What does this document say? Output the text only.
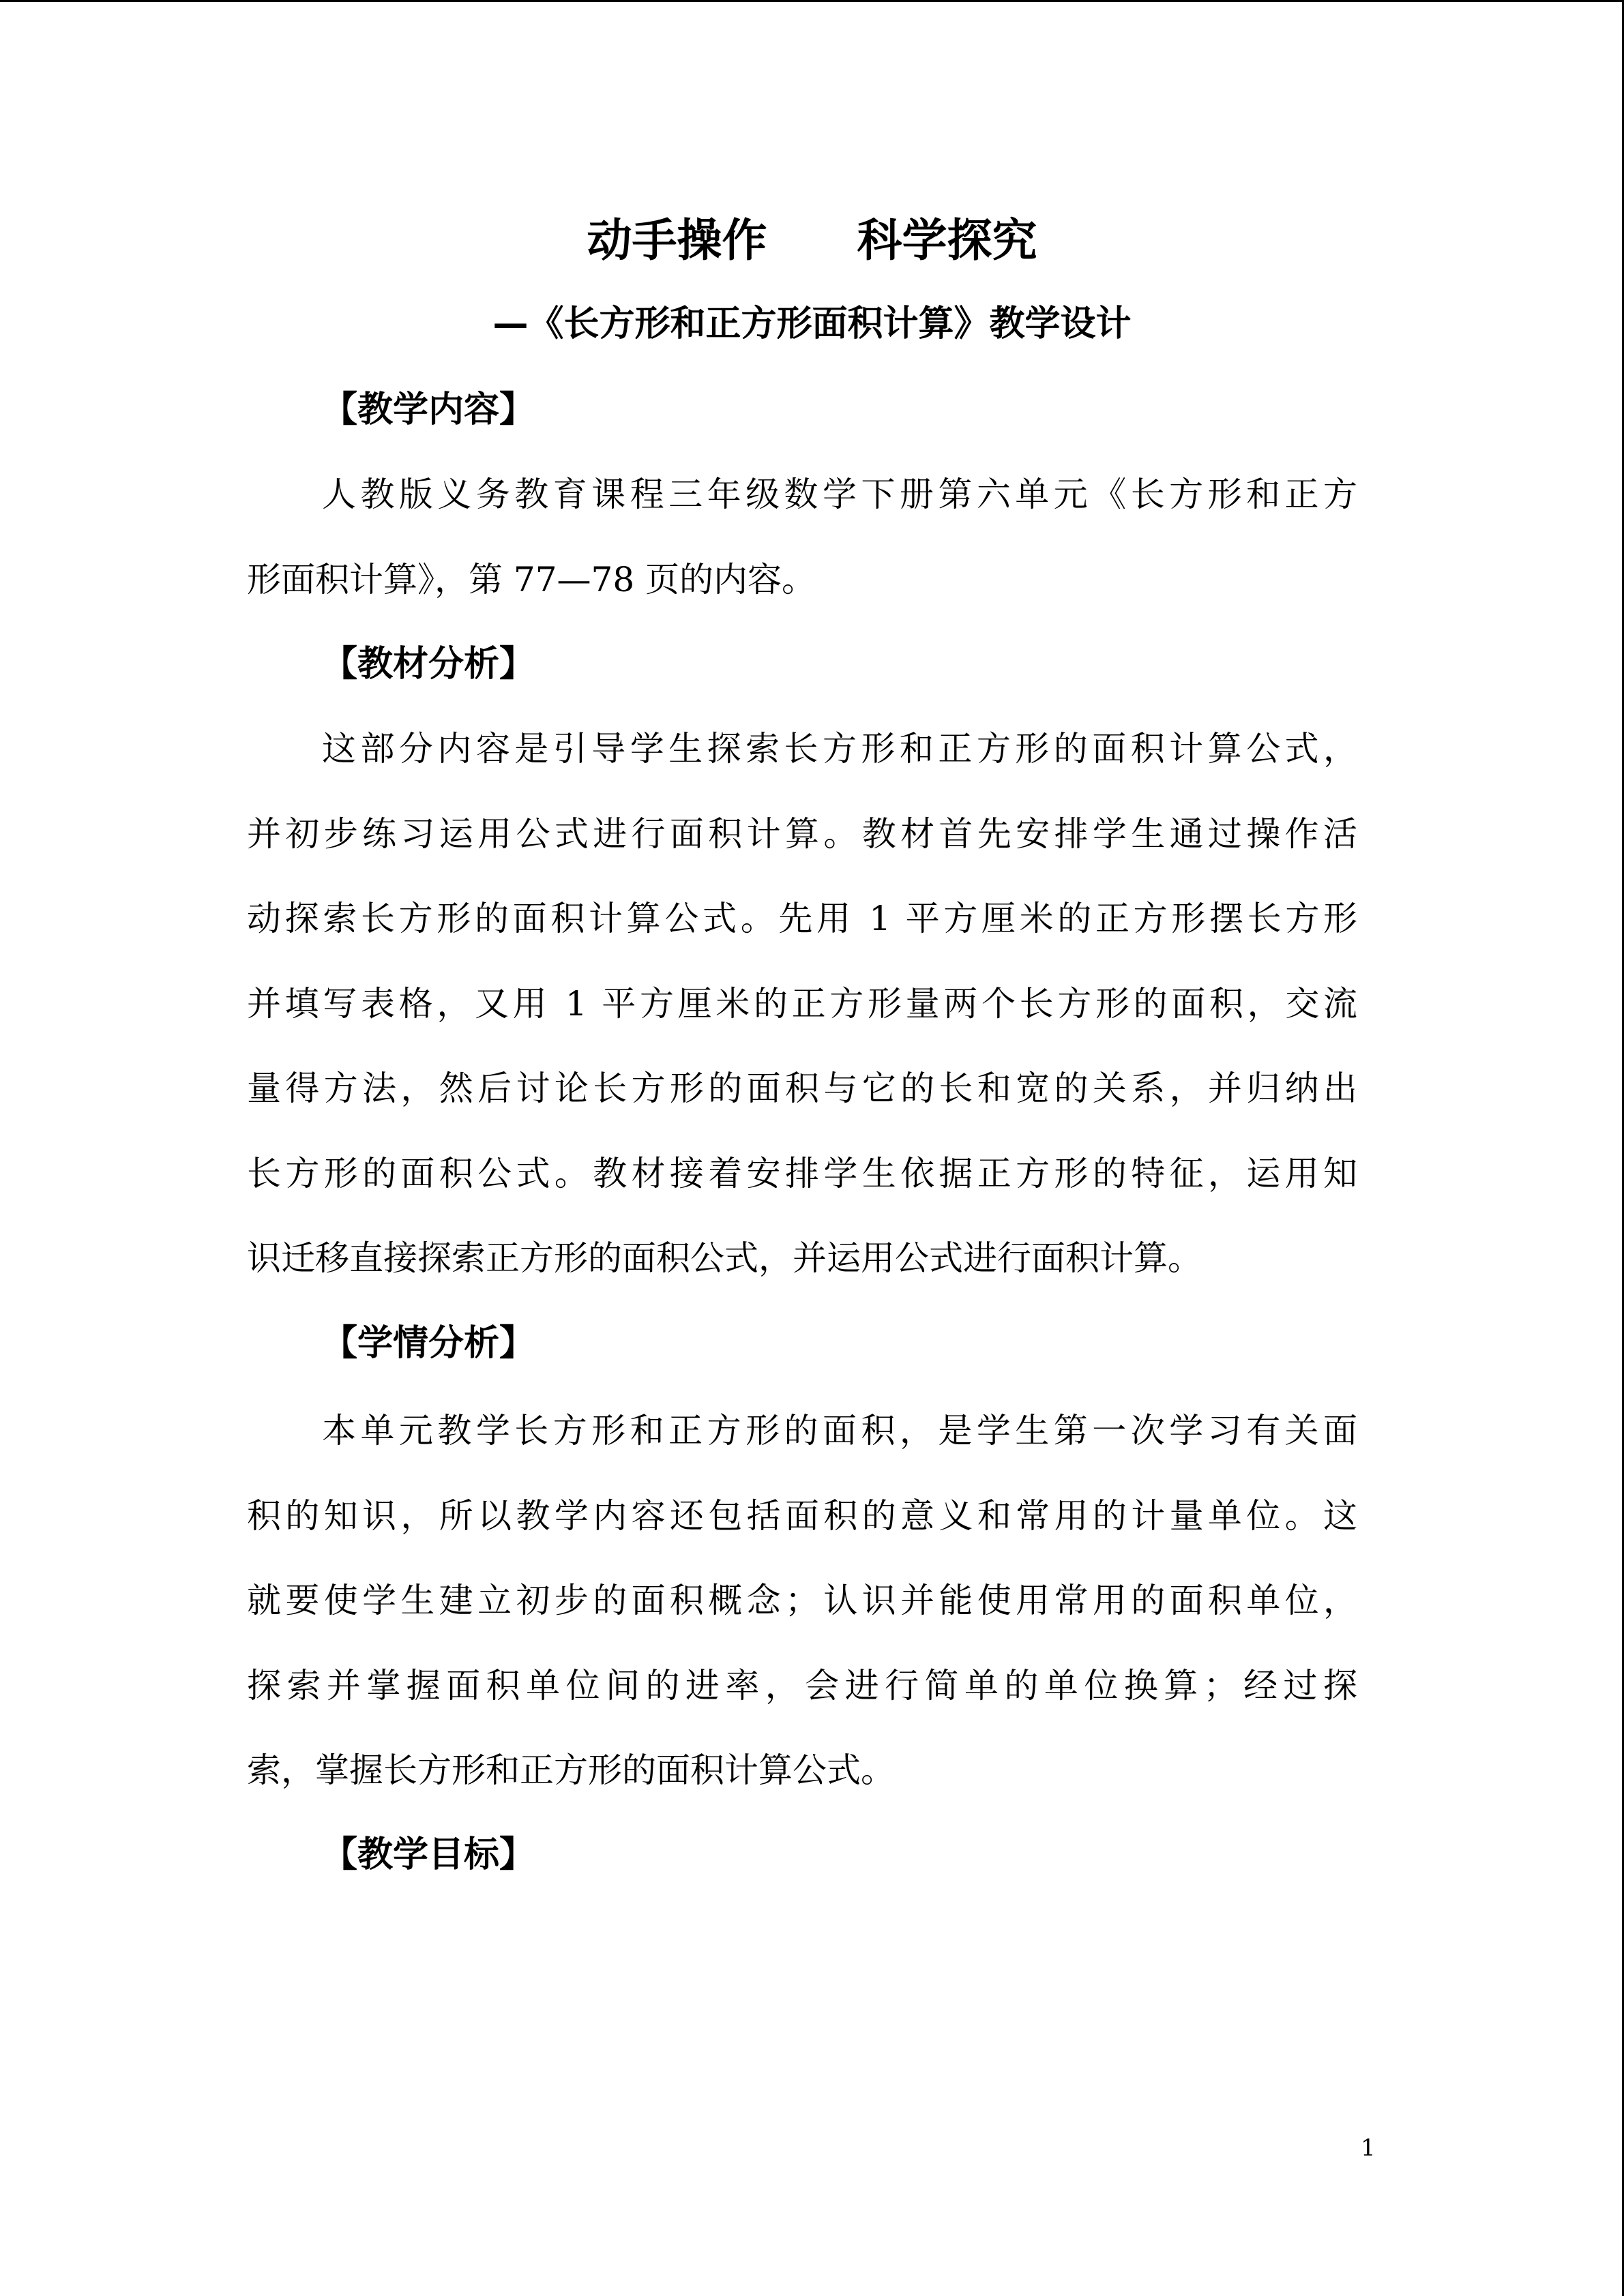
动手操作　　科学探究
—《长方形和正方形面积计算》教学设计
【教学内容】
人教版义务教育课程三年级数学下册第六单元《长方形和正方
形面积计算》，第 77—78 页的内容。
【教材分析】
这部分内容是引导学生探索长方形和正方形的面积计算公式，
并初步练习运用公式进行面积计算。教材首先安排学生通过操作活
动探索长方形的面积计算公式。先用 1 平方厘米的正方形摆长方形
并填写表格，又用 1 平方厘米的正方形量两个长方形的面积，交流
量得方法，然后讨论长方形的面积与它的长和宽的关系，并归纳出
长方形的面积公式。教材接着安排学生依据正方形的特征，运用知
识迁移直接探索正方形的面积公式，并运用公式进行面积计算。
【学情分析】
本单元教学长方形和正方形的面积，是学生第一次学习有关面
积的知识，所以教学内容还包括面积的意义和常用的计量单位。这
就要使学生建立初步的面积概念；认识并能使用常用的面积单位，
探索并掌握面积单位间的进率，会进行简单的单位换算；经过探
索，掌握长方形和正方形的面积计算公式。
【教学目标】
1
